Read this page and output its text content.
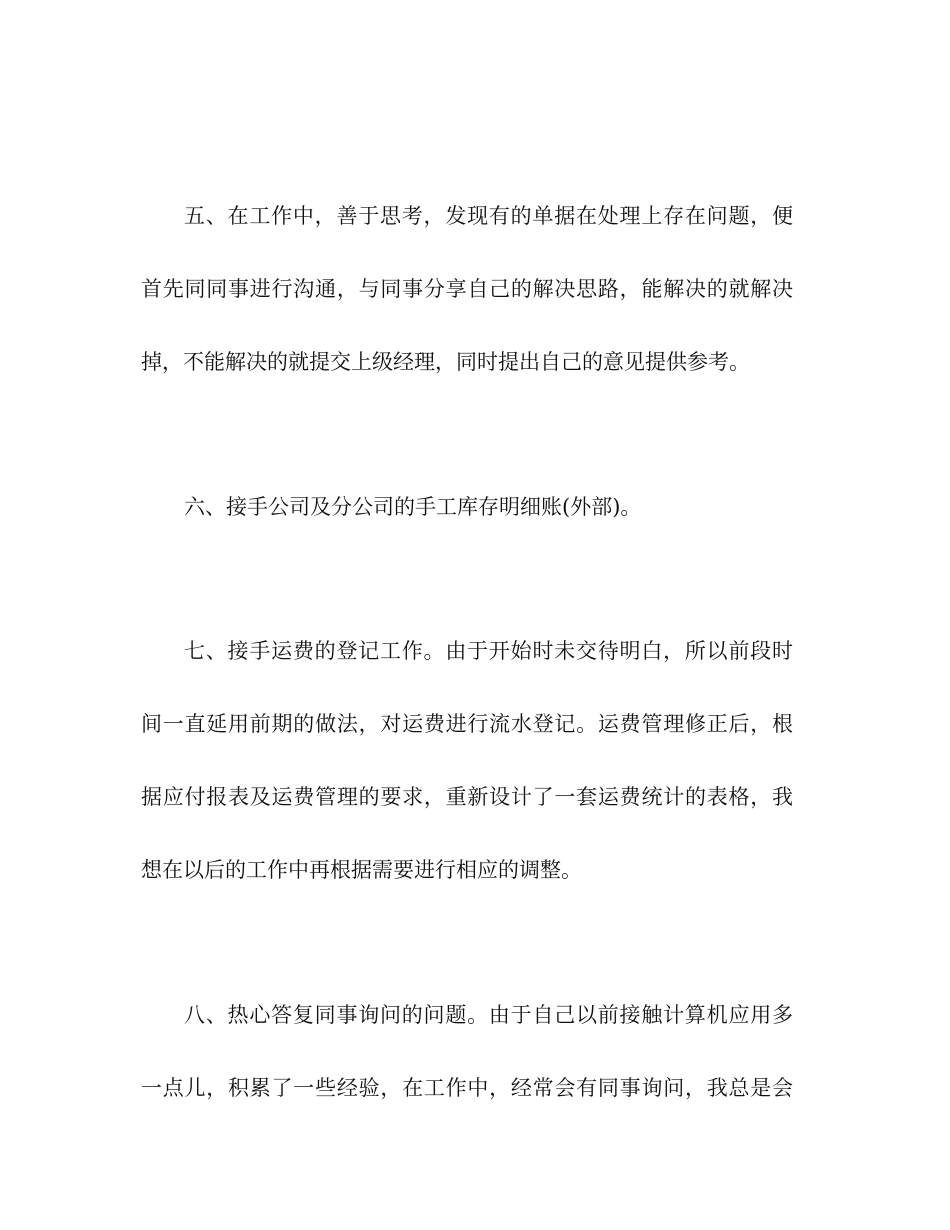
五、在工作中，善于思考，发现有的单据在处理上存在问题，便
首先同同事进行沟通，与同事分享自己的解决思路，能解决的就解决
掉，不能解决的就提交上级经理，同时提出自己的意见提供参考。
六、接手公司及分公司的手工库存明细账(外部)。
七、接手运费的登记工作。由于开始时未交待明白，所以前段时
间一直延用前期的做法，对运费进行流水登记。运费管理修正后，根
据应付报表及运费管理的要求，重新设计了一套运费统计的表格，我
想在以后的工作中再根据需要进行相应的调整。
八、热心答复同事询问的问题。由于自己以前接触计算机应用多
一点儿，积累了一些经验，在工作中，经常会有同事询问，我总是会
